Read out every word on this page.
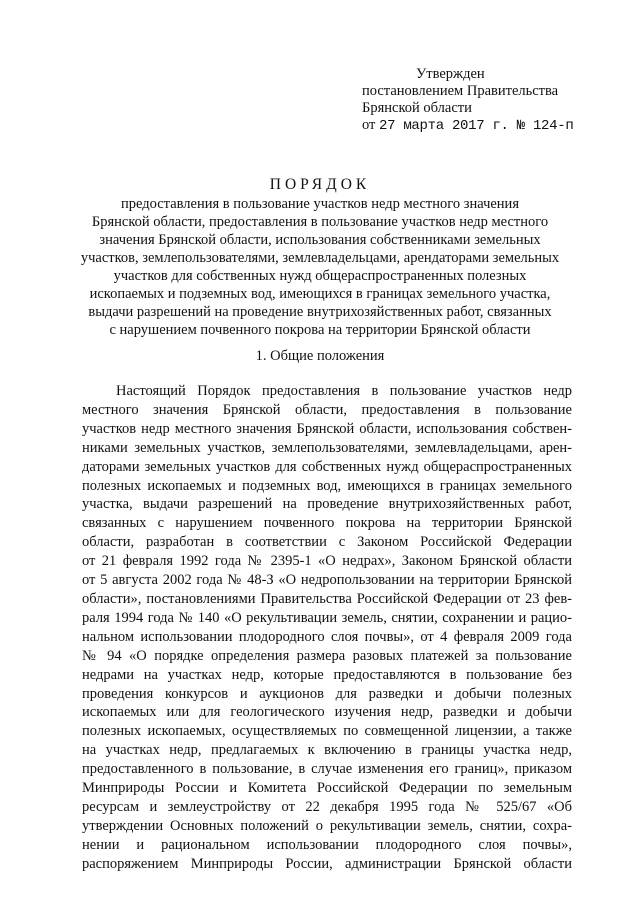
Утвержден
постановлением Правительства
Брянской области
от 27 марта 2017 г. № 124-п
ПОРЯДОК
предоставления в пользование участков недр местного значения
Брянской области, предоставления в пользование участков недр местного
значения Брянской области, использования собственниками земельных
участков, землепользователями, землевладельцами, арендаторами земельных
участков для собственных нужд общераспространенных полезных
ископаемых и подземных вод, имеющихся в границах земельного участка,
выдачи разрешений на проведение внутрихозяйственных работ, связанных
с нарушением почвенного покрова на территории Брянской области
1. Общие положения
Настоящий Порядок предоставления в пользование участков недр
местного значения Брянской области, предоставления в пользование
участков недр местного значения Брянской области, использования собствен-
никами земельных участков, землепользователями, землевладельцами, арен-
даторами земельных участков для собственных нужд общераспространенных
полезных ископаемых и подземных вод, имеющихся в границах земельного
участка, выдачи разрешений на проведение внутрихозяйственных работ,
связанных с нарушением почвенного покрова на территории Брянской
области, разработан в соответствии с Законом Российской Федерации
от 21 февраля 1992 года № 2395-1 «О недрах», Законом Брянской области
от 5 августа 2002 года № 48-З «О недропользовании на территории Брянской
области», постановлениями Правительства Российской Федерации от 23 фев-
раля 1994 года № 140 «О рекультивации земель, снятии, сохранении и рацио-
нальном использовании плодородного слоя почвы», от 4 февраля 2009 года
№ 94 «О порядке определения размера разовых платежей за пользование
недрами на участках недр, которые предоставляются в пользование без
проведения конкурсов и аукционов для разведки и добычи полезных
ископаемых или для геологического изучения недр, разведки и добычи
полезных ископаемых, осуществляемых по совмещенной лицензии, а также
на участках недр, предлагаемых к включению в границы участка недр,
предоставленного в пользование, в случае изменения его границ», приказом
Минприроды России и Комитета Российской Федерации по земельным
ресурсам и землеустройству от 22 декабря 1995 года № 525/67 «Об
утверждении Основных положений о рекультивации земель, снятии, сохра-
нении и рациональном использовании плодородного слоя почвы»,
распоряжением Минприроды России, администрации Брянской области
